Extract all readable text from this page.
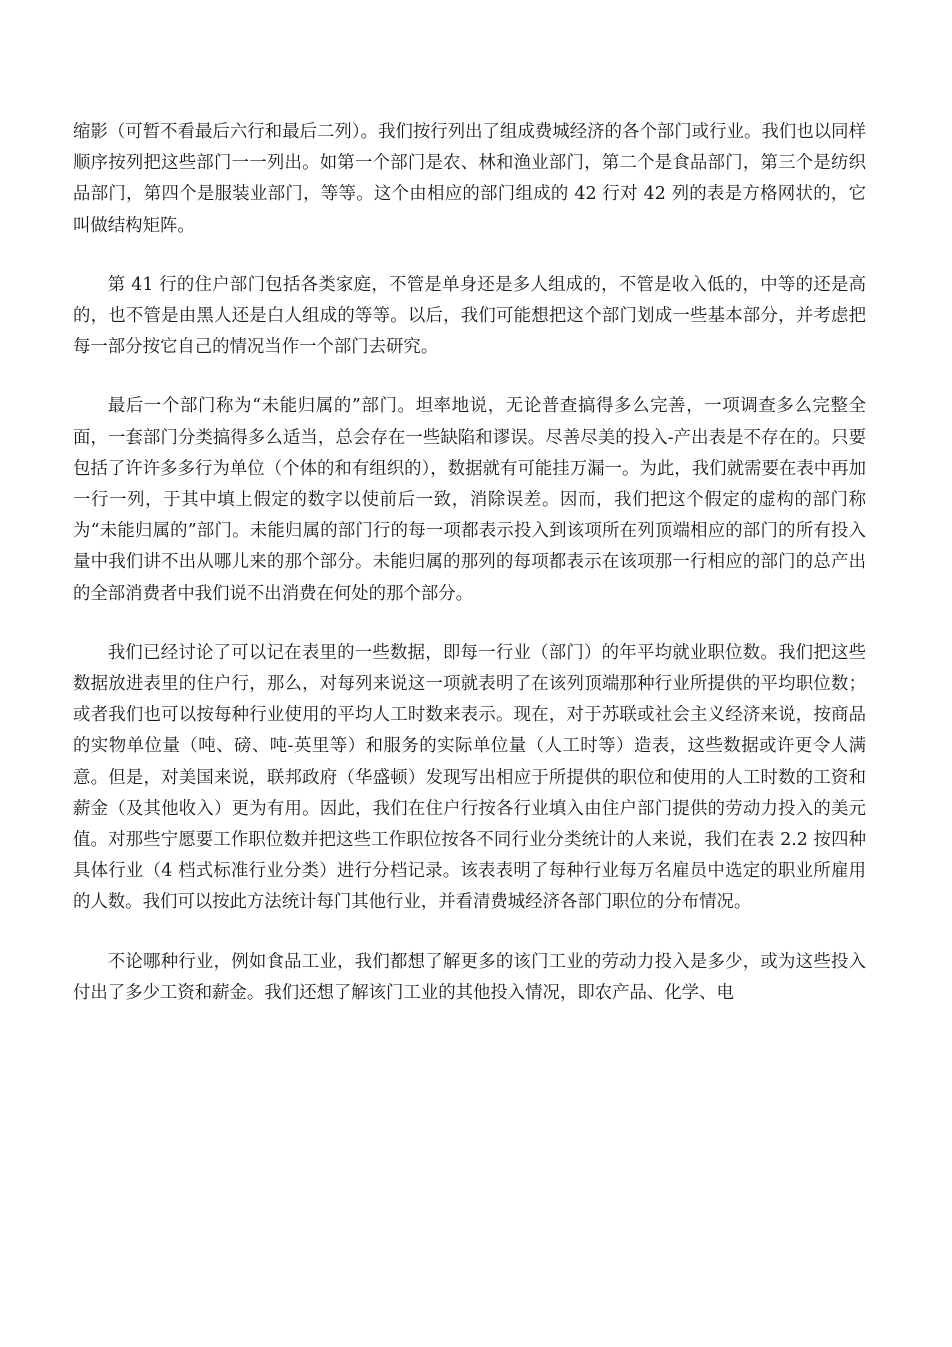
缩影（可暂不看最后六行和最后二列）。我们按行列出了组成费城经济的各个部门或行业。我们也以同样顺序按列把这些部门一一列出。如第一个部门是农、林和渔业部门，第二个是食品部门，第三个是纺织品部门，第四个是服装业部门，等等。这个由相应的部门组成的 42 行对 42 列的表是方格网状的，它叫做结构矩阵。

第 41 行的住户部门包括各类家庭，不管是单身还是多人组成的，不管是收入低的，中等的还是高的，也不管是由黑人还是白人组成的等等。以后，我们可能想把这个部门划成一些基本部分，并考虑把每一部分按它自己的情况当作一个部门去研究。

最后一个部门称为“未能归属的”部门。坦率地说，无论普查搞得多么完善，一项调查多么完整全面，一套部门分类搞得多么适当，总会存在一些缺陷和谬误。尽善尽美的投入-产出表是不存在的。只要包括了许许多多行为单位（个体的和有组织的），数据就有可能挂万漏一。为此，我们就需要在表中再加一行一列，于其中填上假定的数字以使前后一致，消除误差。因而，我们把这个假定的虚构的部门称为“未能归属的”部门。未能归属的部门行的每一项都表示投入到该项所在列顶端相应的部门的所有投入量中我们讲不出从哪儿来的那个部分。未能归属的那列的每项都表示在该项那一行相应的部门的总产出的全部消费者中我们说不出消费在何处的那个部分。

我们已经讨论了可以记在表里的一些数据，即每一行业（部门）的年平均就业职位数。我们把这些数据放进表里的住户行，那么，对每列来说这一项就表明了在该列顶端那种行业所提供的平均职位数；或者我们也可以按每种行业使用的平均人工时数来表示。现在，对于苏联或社会主义经济来说，按商品的实物单位量（吨、磅、吨-英里等）和服务的实际单位量（人工时等）造表，这些数据或许更令人满意。但是，对美国来说，联邦政府（华盛顿）发现写出相应于所提供的职位和使用的人工时数的工资和薪金（及其他收入）更为有用。因此，我们在住户行按各行业填入由住户部门提供的劳动力投入的美元值。对那些宁愿要工作职位数并把这些工作职位按各不同行业分类统计的人来说，我们在表 2.2 按四种具体行业（4 档式标准行业分类）进行分档记录。该表表明了每种行业每万名雇员中选定的职业所雇用的人数。我们可以按此方法统计每门其他行业，并看清费城经济各部门职位的分布情况。

不论哪种行业，例如食品工业，我们都想了解更多的该门工业的劳动力投入是多少，或为这些投入付出了多少工资和薪金。我们还想了解该门工业的其他投入情况，即农产品、化学、电
